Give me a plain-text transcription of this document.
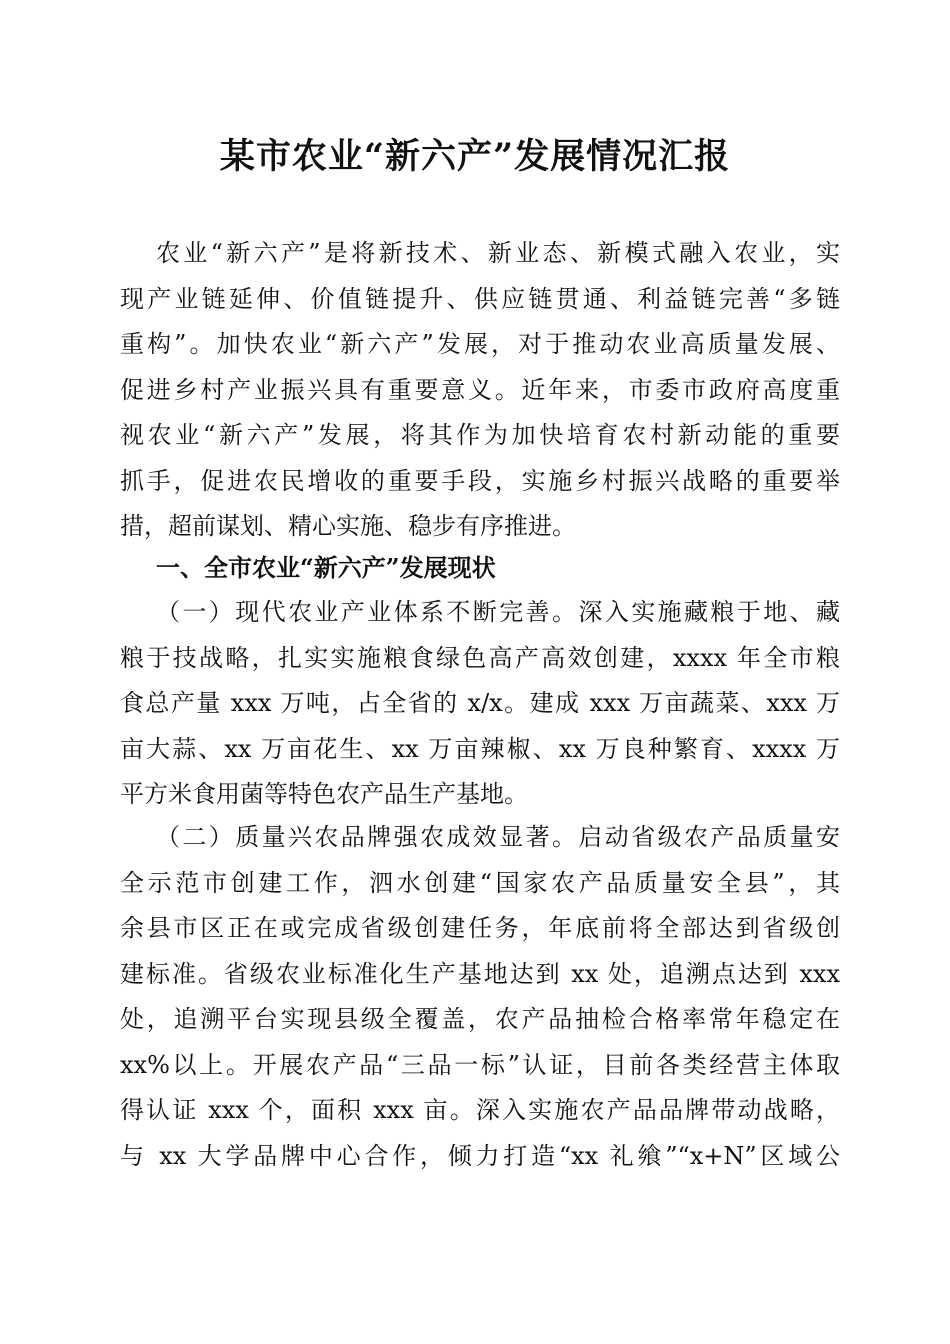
某市农业“新六产”发展情况汇报
农业“新六产”是将新技术、新业态、新模式融入农业，实
现产业链延伸、价值链提升、供应链贯通、利益链完善“多链
重构”。加快农业“新六产”发展，对于推动农业高质量发展、
促进乡村产业振兴具有重要意义。近年来，市委市政府高度重
视农业“新六产”发展，将其作为加快培育农村新动能的重要
抓手，促进农民增收的重要手段，实施乡村振兴战略的重要举
措，超前谋划、精心实施、稳步有序推进。
一、全市农业“新六产”发展现状
（一）现代农业产业体系不断完善。深入实施藏粮于地、藏
粮于技战略，扎实实施粮食绿色高产高效创建，xxxx 年全市粮
食总产量 xxx 万吨，占全省的 x/x。建成 xxx 万亩蔬菜、xxx 万
亩大蒜、xx 万亩花生、xx 万亩辣椒、xx 万良种繁育、xxxx 万
平方米食用菌等特色农产品生产基地。
（二）质量兴农品牌强农成效显著。启动省级农产品质量安
全示范市创建工作，泗水创建“国家农产品质量安全县”，其
余县市区正在或完成省级创建任务，年底前将全部达到省级创
建标准。省级农业标准化生产基地达到 xx 处，追溯点达到 xxx
处，追溯平台实现县级全覆盖，农产品抽检合格率常年稳定在
xx%以上。开展农产品“三品一标”认证，目前各类经营主体取
得认证 xxx 个，面积 xxx 亩。深入实施农产品品牌带动战略，
与 xx 大学品牌中心合作，倾力打造“xx 礼飨”“x+N”区域公
